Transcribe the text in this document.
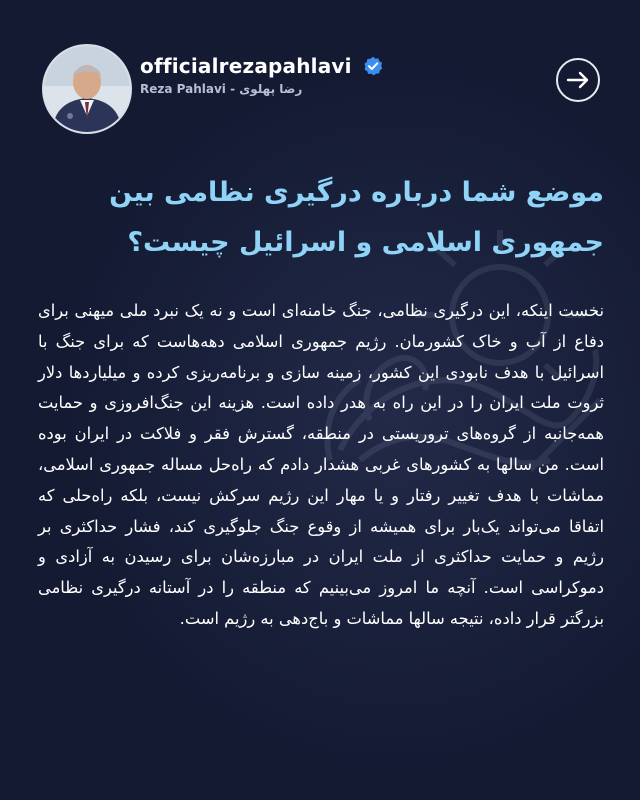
officialrezapahlavi
Reza Pahlavi - رضا پهلوی
موضع شما درباره درگیری نظامی بین جمهوری اسلامی و اسرائیل چیست؟
نخست اینکه، این درگیری نظامی، جنگ خامنه‌ای است و نه یک نبرد ملی میهنی برای دفاع از آب و خاک کشورمان. رژیم جمهوری اسلامی دهه‌هاست که برای جنگ با اسرائیل با هدف نابودی این کشور، زمینه سازی و برنامه‌ریزی کرده و میلیاردها دلار ثروت ملت ایران را در این راه به هدر داده است. هزینه این جنگ‌افروزی و حمایت همه‌جانبه از گروه‌های تروریستی در منطقه، گسترش فقر و فلاکت در ایران بوده است. من سالها به کشورهای غربی هشدار دادم که راه‌حل مساله جمهوری اسلامی، مماشات با هدف تغییر رفتار و یا مهار این رژیم سرکش نیست، بلکه راه‌حلی که اتفاقا می‌تواند یک‌بار برای همیشه از وقوع جنگ جلوگیری کند، فشار حداکثری بر رژیم و حمایت حداکثری از ملت ایران در مبارزه‌شان برای رسیدن به آزادی و دموکراسی است. آنچه ما امروز می‌بینیم که منطقه را در آستانه درگیری نظامی بزرگتر قرار داده، نتیجه سالها مماشات و باج‌دهی به رژیم است.
